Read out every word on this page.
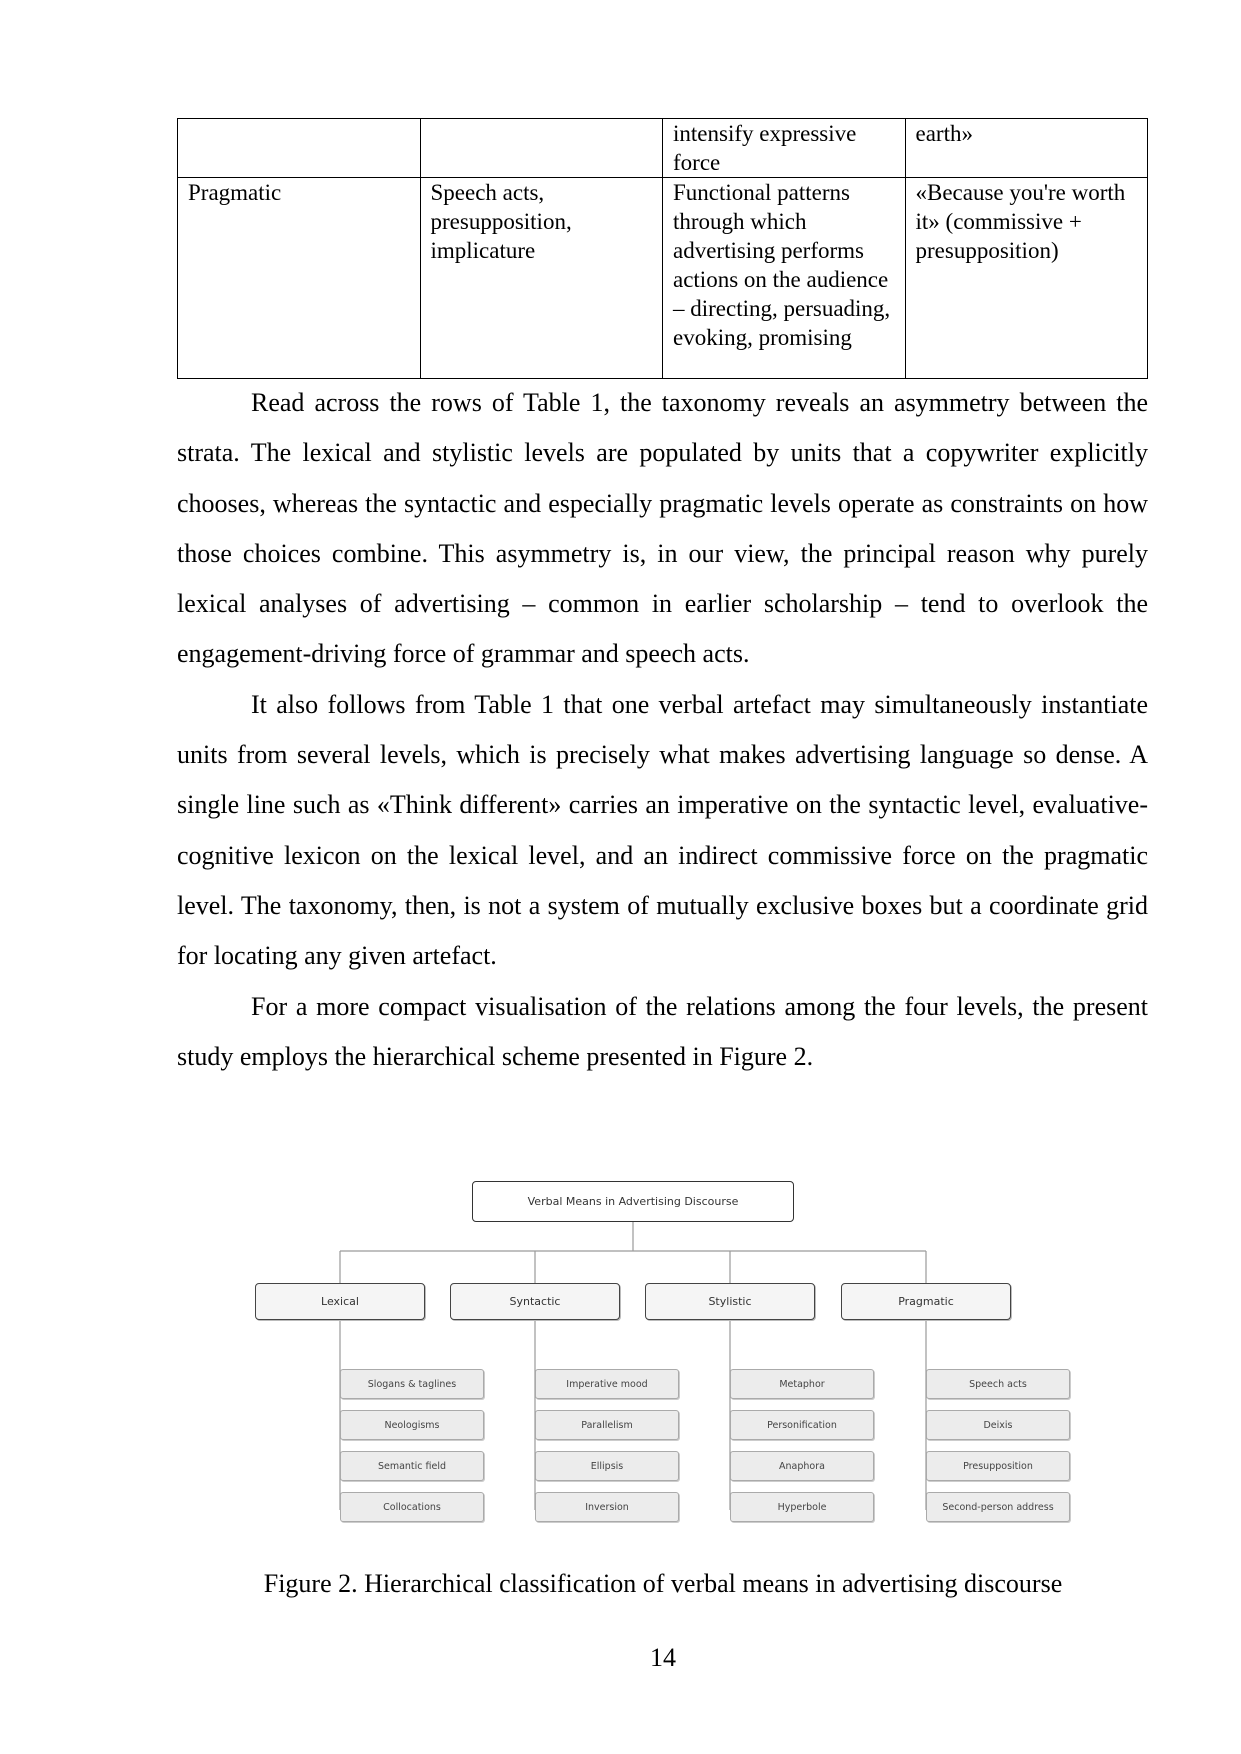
		intensify expressive force	earth»
Pragmatic	Speech acts, presupposition, implicature	Functional patterns through which advertising performs actions on the audience – directing, persuading, evoking, promising	«Because you're worth it» (commissive + presupposition)

Read across the rows of Table 1, the taxonomy reveals an asymmetry between the strata. The lexical and stylistic levels are populated by units that a copywriter explicitly chooses, whereas the syntactic and especially pragmatic levels operate as constraints on how those choices combine. This asymmetry is, in our view, the principal reason why purely lexical analyses of advertising – common in earlier scholarship – tend to overlook the engagement-driving force of grammar and speech acts.

It also follows from Table 1 that one verbal artefact may simultaneously instantiate units from several levels, which is precisely what makes advertising language so dense. A single line such as «Think different» carries an imperative on the syntactic level, evaluative-cognitive lexicon on the lexical level, and an indirect commissive force on the pragmatic level. The taxonomy, then, is not a system of mutually exclusive boxes but a coordinate grid for locating any given artefact.

For a more compact visualisation of the relations among the four levels, the present study employs the hierarchical scheme presented in Figure 2.

Verbal Means in Advertising Discourse
Lexical	Syntactic	Stylistic	Pragmatic
Slogans & taglines
Neologisms
Semantic field
Collocations
Imperative mood
Parallelism
Ellipsis
Inversion
Metaphor
Personification
Anaphora
Hyperbole
Speech acts
Deixis
Presupposition
Second-person address
Figure 2. Hierarchical classification of verbal means in advertising discourse
14
